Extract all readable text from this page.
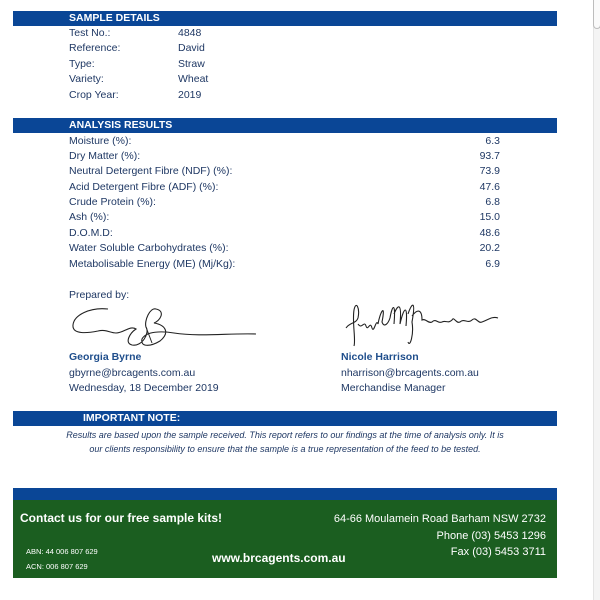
SAMPLE DETAILS
Test No.:	4848
Reference:	David
Type:	Straw
Variety:	Wheat
Crop Year:	2019
ANALYSIS RESULTS
Moisture (%):	6.3
Dry Matter (%):	93.7
Neutral Detergent Fibre (NDF) (%):	73.9
Acid Detergent Fibre (ADF) (%):	47.6
Crude Protein (%):	6.8
Ash (%):	15.0
D.O.M.D:	48.6
Water Soluble Carbohydrates (%):	20.2
Metabolisable Energy (ME) (Mj/Kg):	6.9
Prepared by:
Georgia Byrne
gbyrne@brcagents.com.au
Wednesday, 18 December 2019
Nicole Harrison
nharrison@brcagents.com.au
Merchandise Manager
IMPORTANT NOTE:
Results are based upon the sample received. This report refers to our findings at the time of analysis only. It is our clients responsibility to ensure that the sample is a true representation of the feed to be tested.
Contact us for our free sample kits!
ABN: 44 006 807 629
ACN: 006 807 629
www.brcagents.com.au
64-66 Moulamein Road Barham NSW 2732
Phone (03) 5453 1296
Fax (03) 5453 3711
